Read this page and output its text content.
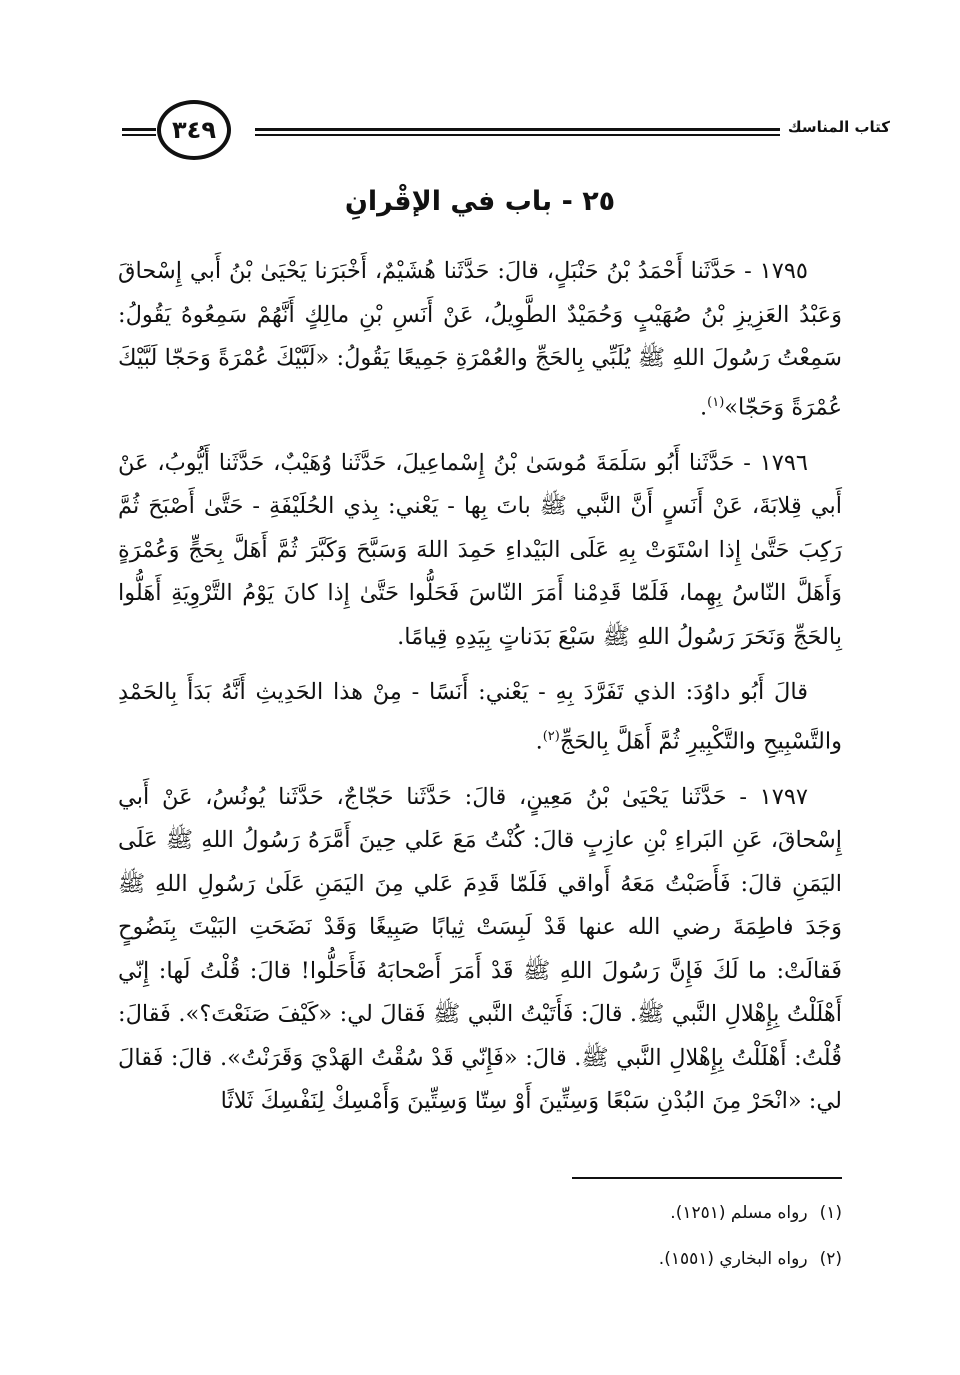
كتاب المناسك
٣٤٩
٢٥ - باب في الإقْرانِ

١٧٩٥ - حَدَّثَنا أَحْمَدُ بْنُ حَنْبَلٍ، قالَ: حَدَّثَنا هُشَيْمٌ، أَخْبَرَنا يَحْيَىٰ بْنُ أَبي إِسْحاقَ وَعَبْدُ العَزِيزِ بْنُ صُهَيْبٍ وَحُمَيْدٌ الطَّوِيلُ، عَنْ أَنَسِ بْنِ مالِكٍ أَنَّهُمْ سَمِعُوهُ يَقُولُ: سَمِعْتُ رَسُولَ اللهِ ﷺ يُلَبِّي بِالحَجِّ والعُمْرَةِ جَمِيعًا يَقُولُ: «لَبَّيْكَ عُمْرَةً وَحَجّا لَبَّيْكَ عُمْرَةً وَحَجّا»$^{(١)}$.

١٧٩٦ - حَدَّثَنا أَبُو سَلَمَةَ مُوسَىٰ بْنُ إِسْماعِيلَ، حَدَّثَنا وُهَيْبٌ، حَدَّثَنا أَيُّوبُ، عَنْ أَبي قِلابَةَ، عَنْ أَنَسٍ أَنَّ النَّبي ﷺ باتَ بِها - يَعْني: بِذي الحُلَيْفَةِ - حَتَّىٰ أَصْبَحَ ثُمَّ رَكِبَ حَتَّىٰ إِذا اسْتَوَتْ بِهِ عَلَى البَيْداءِ حَمِدَ اللهَ وَسَبَّحَ وَكَبَّرَ ثُمَّ أَهَلَّ بِحَجٍّ وَعُمْرَةٍ وَأَهَلَّ النّاسُ بِهِما، فَلَمّا قَدِمْنا أَمَرَ النّاسَ فَحَلُّوا حَتَّىٰ إِذا كانَ يَوْمُ التَّرْوِيَةِ أَهَلُّوا بِالحَجِّ وَنَحَرَ رَسُولُ اللهِ ﷺ سَبْعَ بَدَناتٍ بِيَدِهِ قِيامًا.

قالَ أَبُو داوُدَ: الذي تَفَرَّدَ بِهِ - يَعْني: أَنَسًا - مِنْ هذا الحَدِيثِ أَنَّهُ بَدَأَ بِالحَمْدِ والتَّسْبِيحِ والتَّكْبِيرِ ثُمَّ أَهَلَّ بِالحَجِّ$^{(٢)}$.

١٧٩٧ - حَدَّثَنا يَحْيَىٰ بْنُ مَعِينٍ، قالَ: حَدَّثَنا حَجّاجٌ، حَدَّثَنا يُونُسُ، عَنْ أَبي إِسْحاقَ، عَنِ البَراءِ بْنِ عازِبٍ قالَ: كُنْتُ مَعَ عَلي حِينَ أَمَّرَهُ رَسُولُ اللهِ ﷺ عَلَى اليَمَنِ قالَ: فَأَصَبْتُ مَعَهُ أَواقي فَلَمّا قَدِمَ عَلي مِنَ اليَمَنِ عَلَىٰ رَسُولِ اللهِ ﷺ وَجَدَ فاطِمَةَ رضي الله عنها قَدْ لَبِسَتْ ثِيابًا صَبِيغًا وَقَدْ نَضَحَتِ البَيْتَ بِنَضُوحٍ فَقالَتْ: ما لَكَ فَإِنَّ رَسُولَ اللهِ ﷺ قَدْ أَمَرَ أَصْحابَهُ فَأَحَلُّوا! قالَ: قُلْتُ لَها: إِنّي أَهْلَلْتُ بِإِهْلالِ النَّبي ﷺ. قالَ: فَأَتَيْتُ النَّبي ﷺ فَقالَ لي: «كَيْفَ صَنَعْتَ؟». فَقالَ: قُلْتُ: أَهْلَلْتُ بِإِهْلالِ النَّبي ﷺ. قالَ: «فَإِنّي قَدْ سُقْتُ الهَدْيَ وَقَرَنْتُ». قالَ: فَقالَ لي: «انْحَرْ مِنَ البُدْنِ سَبْعًا وَسِتِّينَ أَوْ سِتّا وَسِتِّينَ وَأَمْسِكْ لِنَفْسِكَ ثَلاثًا

(١)رواه مسلم (١٢٥١).

(٢)رواه البخاري (١٥٥١).
